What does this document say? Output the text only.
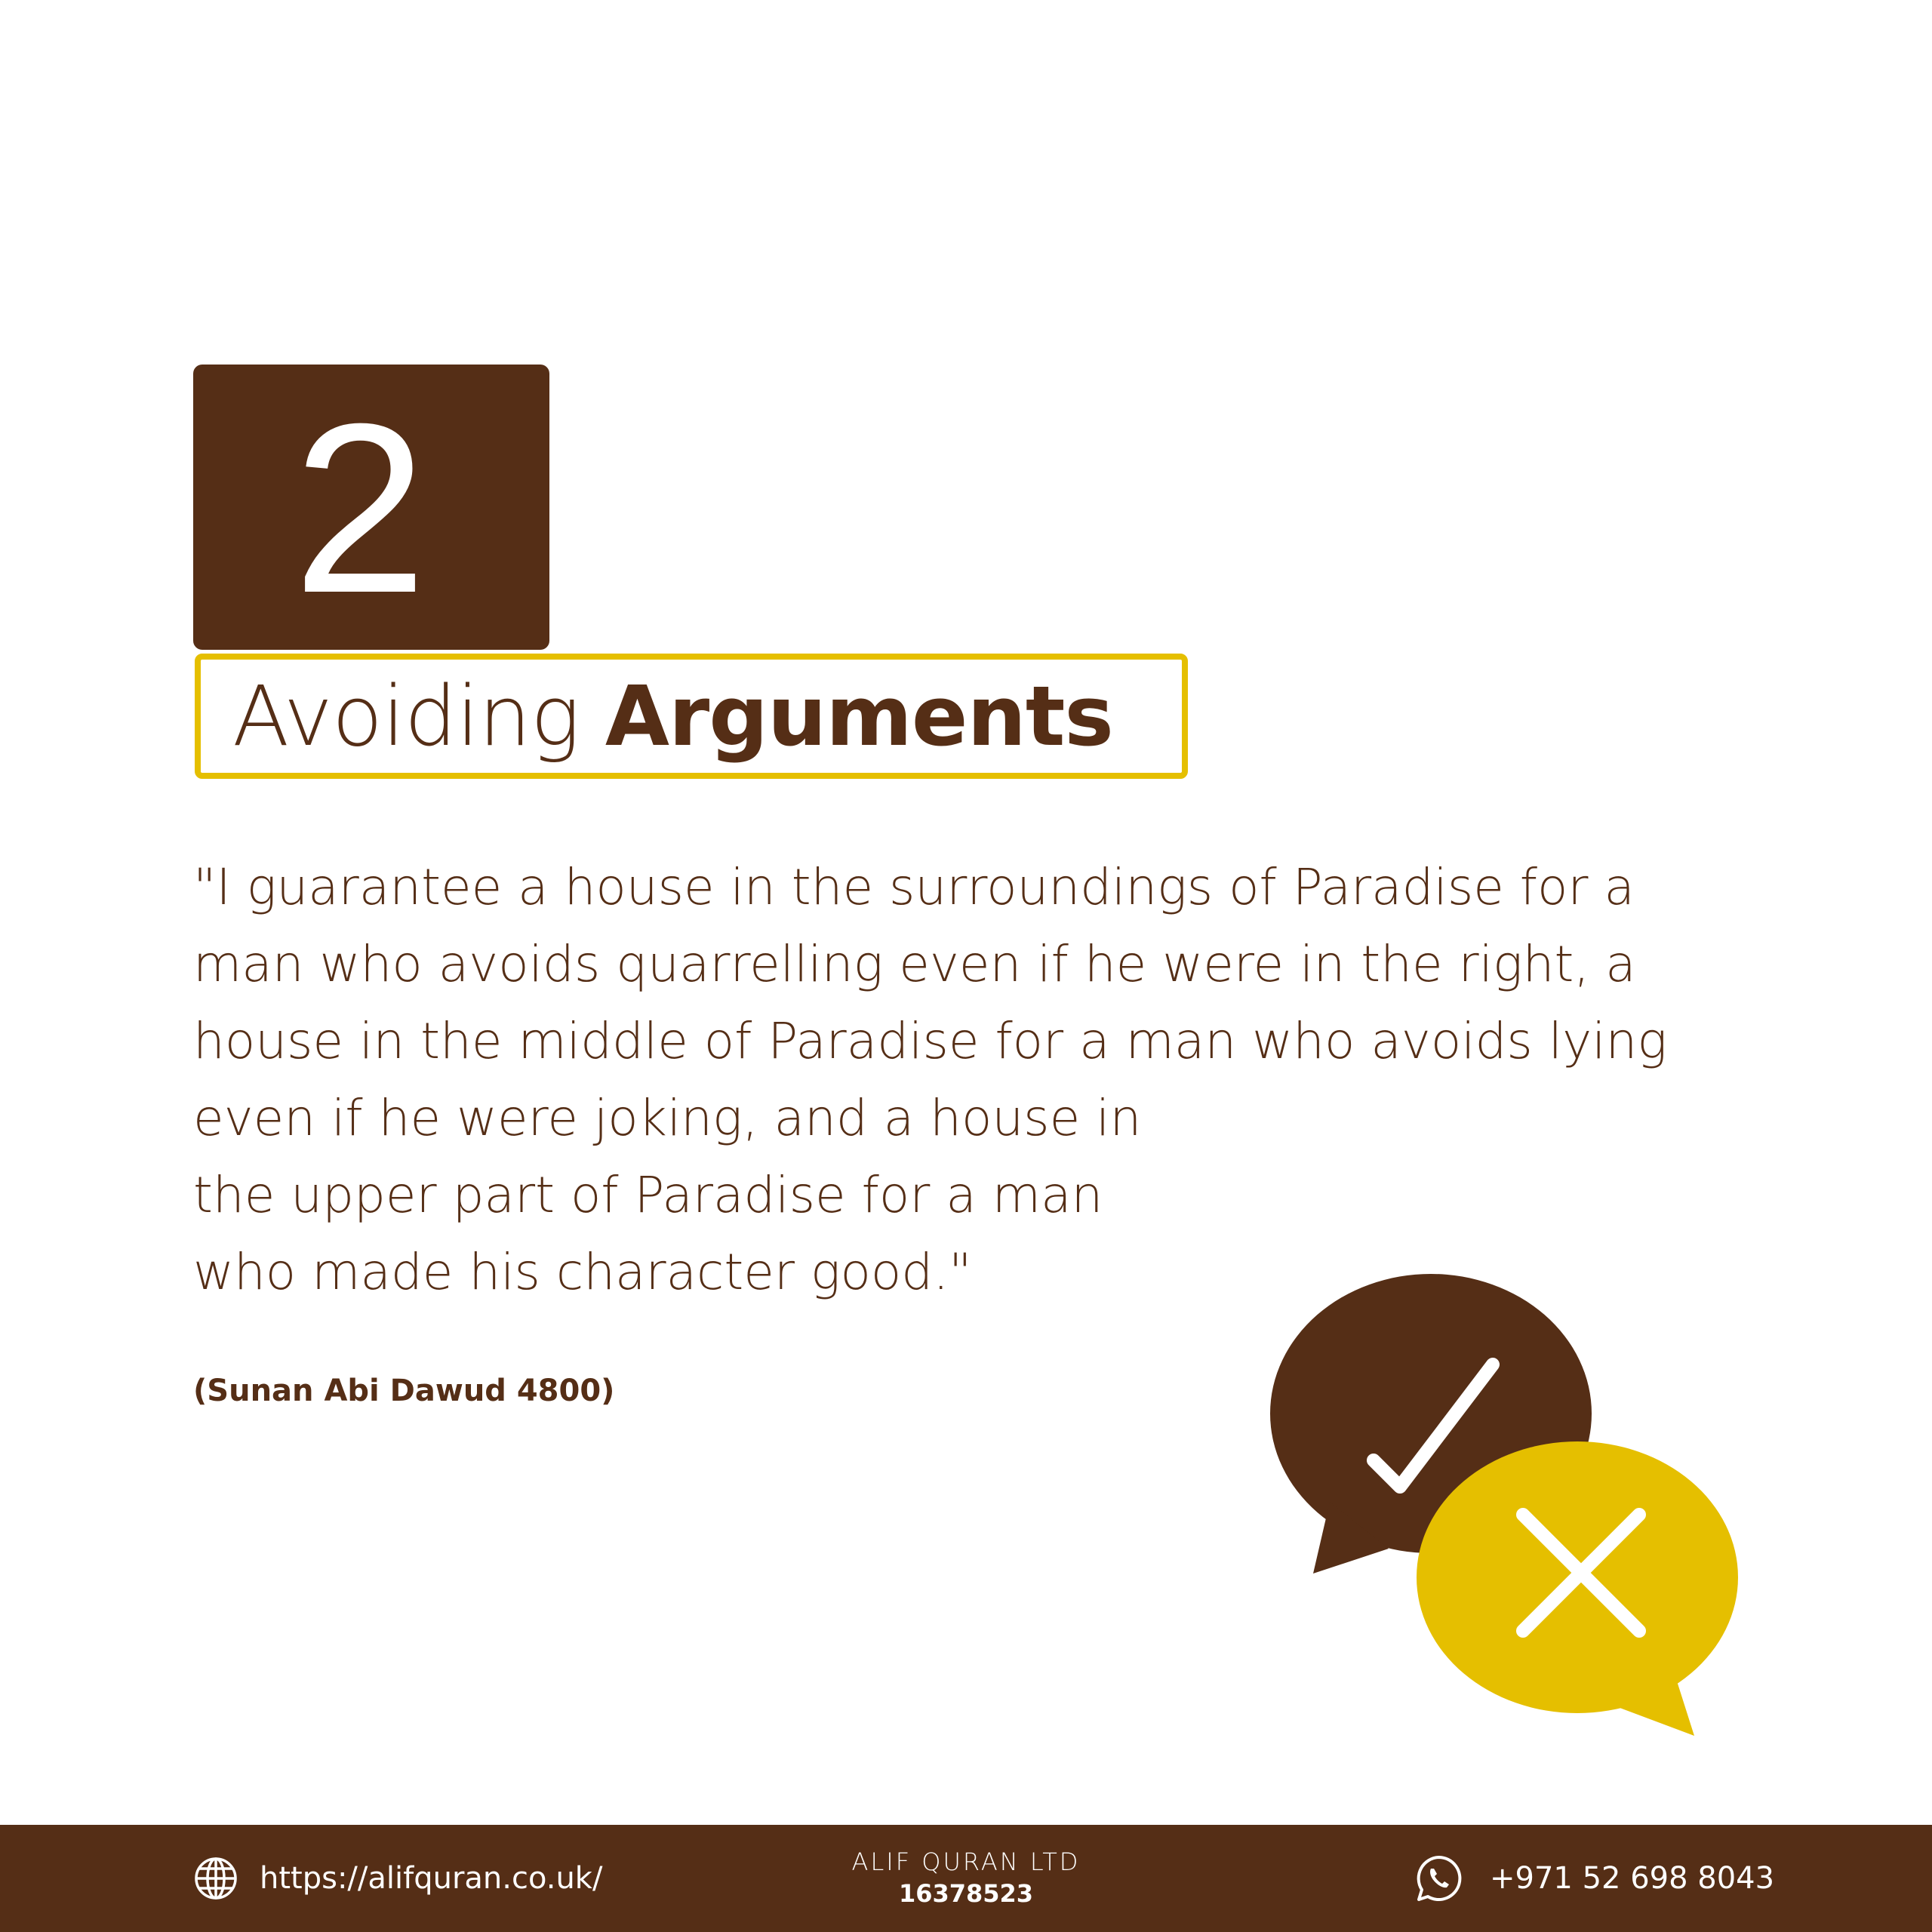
2
Avoiding Arguments
"I guarantee a house in the surroundings of Paradise for a
man who avoids quarrelling even if he were in the right, a
house in the middle of Paradise for a man who avoids lying
even if he were joking, and a house in
the upper part of Paradise for a man
who made his character good."
(Sunan Abi Dawud 4800)
https://alifquran.co.uk/	ALIF QURAN LTD
16378523	+971 52 698 8043
